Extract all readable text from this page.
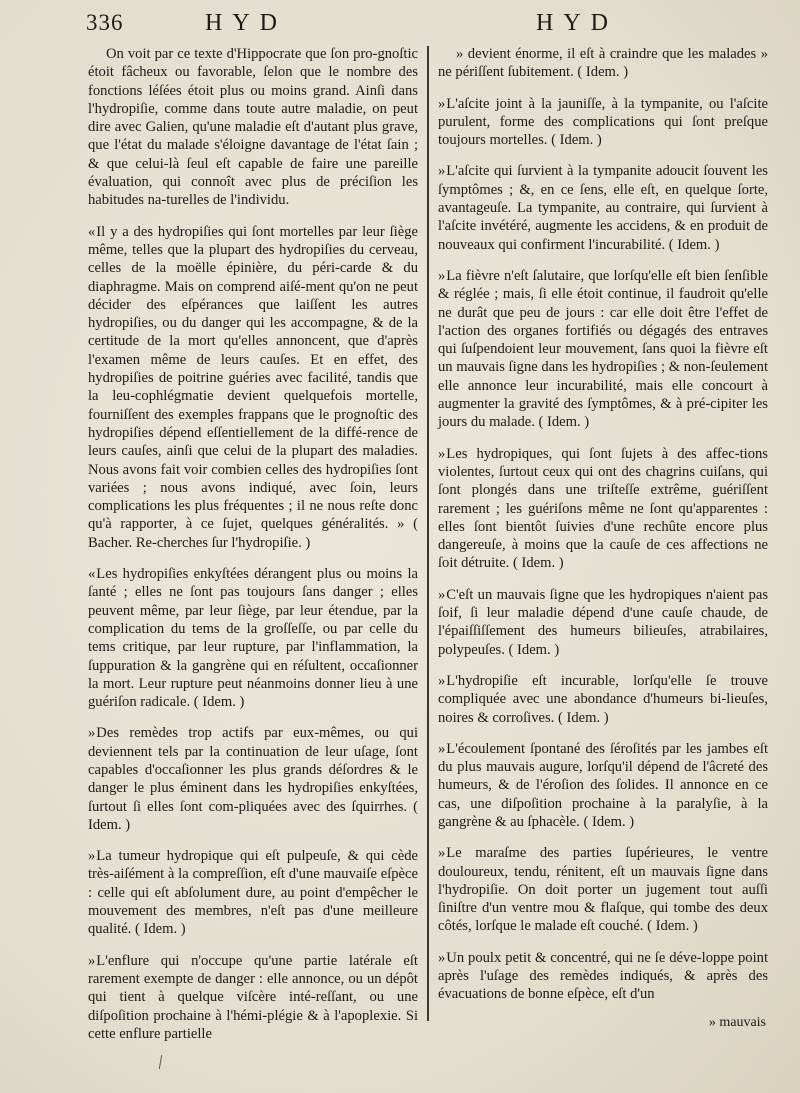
336	HYD	HYD

On voit par ce texte d'Hippocrate que ſon pro-gnoſtic étoit fâcheux ou favorable, ſelon que le nombre des fonctions léſées étoit plus ou moins grand. Ainſi dans l'hydropiſie, comme dans toute autre maladie, on peut dire avec Galien, qu'une maladie eſt d'autant plus grave, que l'état du malade s'éloigne davantage de l'état ſain ; & que celui-là ſeul eſt capable de faire une pareille évaluation, qui connoît avec plus de préciſion les habitudes na-turelles de l'individu.

« Il y a des hydropiſies qui ſont mortelles par leur ſiège même, telles que la plupart des hydropiſies du cerveau, celles de la moëlle épinière, du péri-carde & du diaphragme. Mais on comprend aiſé-ment qu'on ne peut décider des eſpérances que laiſſent les autres hydropiſies, ou du danger qui les accompagne, & de la certitude de la mort qu'elles annoncent, que d'après l'examen même de leurs cauſes. Et en effet, des hydropiſies de poitrine guéries avec facilité, tandis que la leu-cophlégmatie devient quelquefois mortelle, fourniſſent des exemples frappans que le prognoſtic des hydropiſies dépend eſſentiellement de la diffé-rence de leurs cauſes, ainſi que celui de la plupart des maladies. Nous avons fait voir combien celles des hydropiſies ſont variées ; nous avons indiqué, avec ſoin, leurs complications les plus fréquentes ; il ne nous reſte donc qu'à rapporter, à ce ſujet, quelques généralités. » ( Bacher. Re-cherches ſur l'hydropiſie. )

« Les hydropiſies enkyſtées dérangent plus ou moins la ſanté ; elles ne ſont pas toujours ſans danger ; elles peuvent même, par leur ſiège, par leur étendue, par la complication du tems de la groſſeſſe, ou par celle du tems critique, par leur rupture, par l'inflammation, la ſuppuration & la gangrène qui en réſultent, occaſionner la mort. Leur rupture peut néanmoins donner lieu à une guériſon radicale. ( Idem. )

» Des remèdes trop actifs par eux-mêmes, ou qui deviennent tels par la continuation de leur uſage, ſont capables d'occaſionner les plus grands déſordres & le danger le plus éminent dans les hydropiſies enkyſtées, ſurtout ſi elles ſont com-pliquées avec des ſquirrhes. ( Idem. )

» La tumeur hydropique qui eſt pulpeuſe, & qui cède très-aiſément à la compreſſion, eſt d'une mauvaiſe eſpèce : celle qui eſt abſolument dure, au point d'empêcher le mouvement des membres, n'eſt pas d'une meilleure qualité. ( Idem. )

» L'enflure qui n'occupe qu'une partie latérale eſt rarement exempte de danger : elle annonce, ou un dépôt qui tient à quelque viſcère inté-reſſant, ou une diſpoſition prochaine à l'hémi-plégie & à l'apoplexie. Si cette enflure partielle

» devient énorme, il eſt à craindre que les malades » ne périſſent ſubitement. ( Idem. )

» L'aſcite joint à la jauniſſe, à la tympanite, ou l'aſcite purulent, forme des complications qui ſont preſque toujours mortelles. ( Idem. )

» L'aſcite qui ſurvient à la tympanite adoucit ſouvent les ſymptômes ; &, en ce ſens, elle eſt, en quelque ſorte, avantageuſe. La tympanite, au contraire, qui ſurvient à l'aſcite invétéré, augmente les accidens, & en produit de nouveaux qui confirment l'incurabilité. ( Idem. )

» La fièvre n'eſt ſalutaire, que lorſqu'elle eſt bien ſenſible & réglée ; mais, ſi elle étoit continue, il faudroit qu'elle ne durât que peu de jours : car elle doit être l'effet de l'action des organes fortifiés ou dégagés des entraves qui ſuſpendoient leur mouvement, ſans quoi la fièvre eſt un mauvais ſigne dans les hydropiſies ; & non-ſeulement elle annonce leur incurabilité, mais elle concourt à augmenter la gravité des ſymptômes, & à pré-cipiter les jours du malade. ( Idem. )

» Les hydropiques, qui ſont ſujets à des affec-tions violentes, ſurtout ceux qui ont des chagrins cuiſans, qui ſont plongés dans une triſteſſe extrême, guériſſent rarement ; les guériſons même ne ſont qu'apparentes : elles ſont bientôt ſuivies d'une rechûte encore plus dangereuſe, à moins que la cauſe de ces affections ne ſoit détruite. ( Idem. )

» C'eſt un mauvais ſigne que les hydropiques n'aient pas ſoif, ſi leur maladie dépend d'une cauſe chaude, de l'épaiſſiſſement des humeurs bilieuſes, atrabilaires, polypeuſes. ( Idem. )

» L'hydropiſie eſt incurable, lorſqu'elle ſe trouve compliquée avec une abondance d'humeurs bi-lieuſes, noires & corroſives. ( Idem. )

» L'écoulement ſpontané des ſéroſités par les jambes eſt du plus mauvais augure, lorſqu'il dépend de l'âcreté des humeurs, & de l'éroſion des ſolides. Il annonce en ce cas, une diſpoſition prochaine à la paralyſie, à la gangrène & au ſphacèle. ( Idem. )

» Le maraſme des parties ſupérieures, le ventre douloureux, tendu, rénitent, eſt un mauvais ſigne dans l'hydropiſie. On doit porter un jugement tout auſſi ſiniſtre d'un ventre mou & flaſque, qui tombe des deux côtés, lorſque le malade eſt couché. ( Idem. )

» Un poulx petit & concentré, qui ne ſe déve-loppe point après l'uſage des remèdes indiqués, & après des évacuations de bonne eſpèce, eſt d'un

» mauvais
